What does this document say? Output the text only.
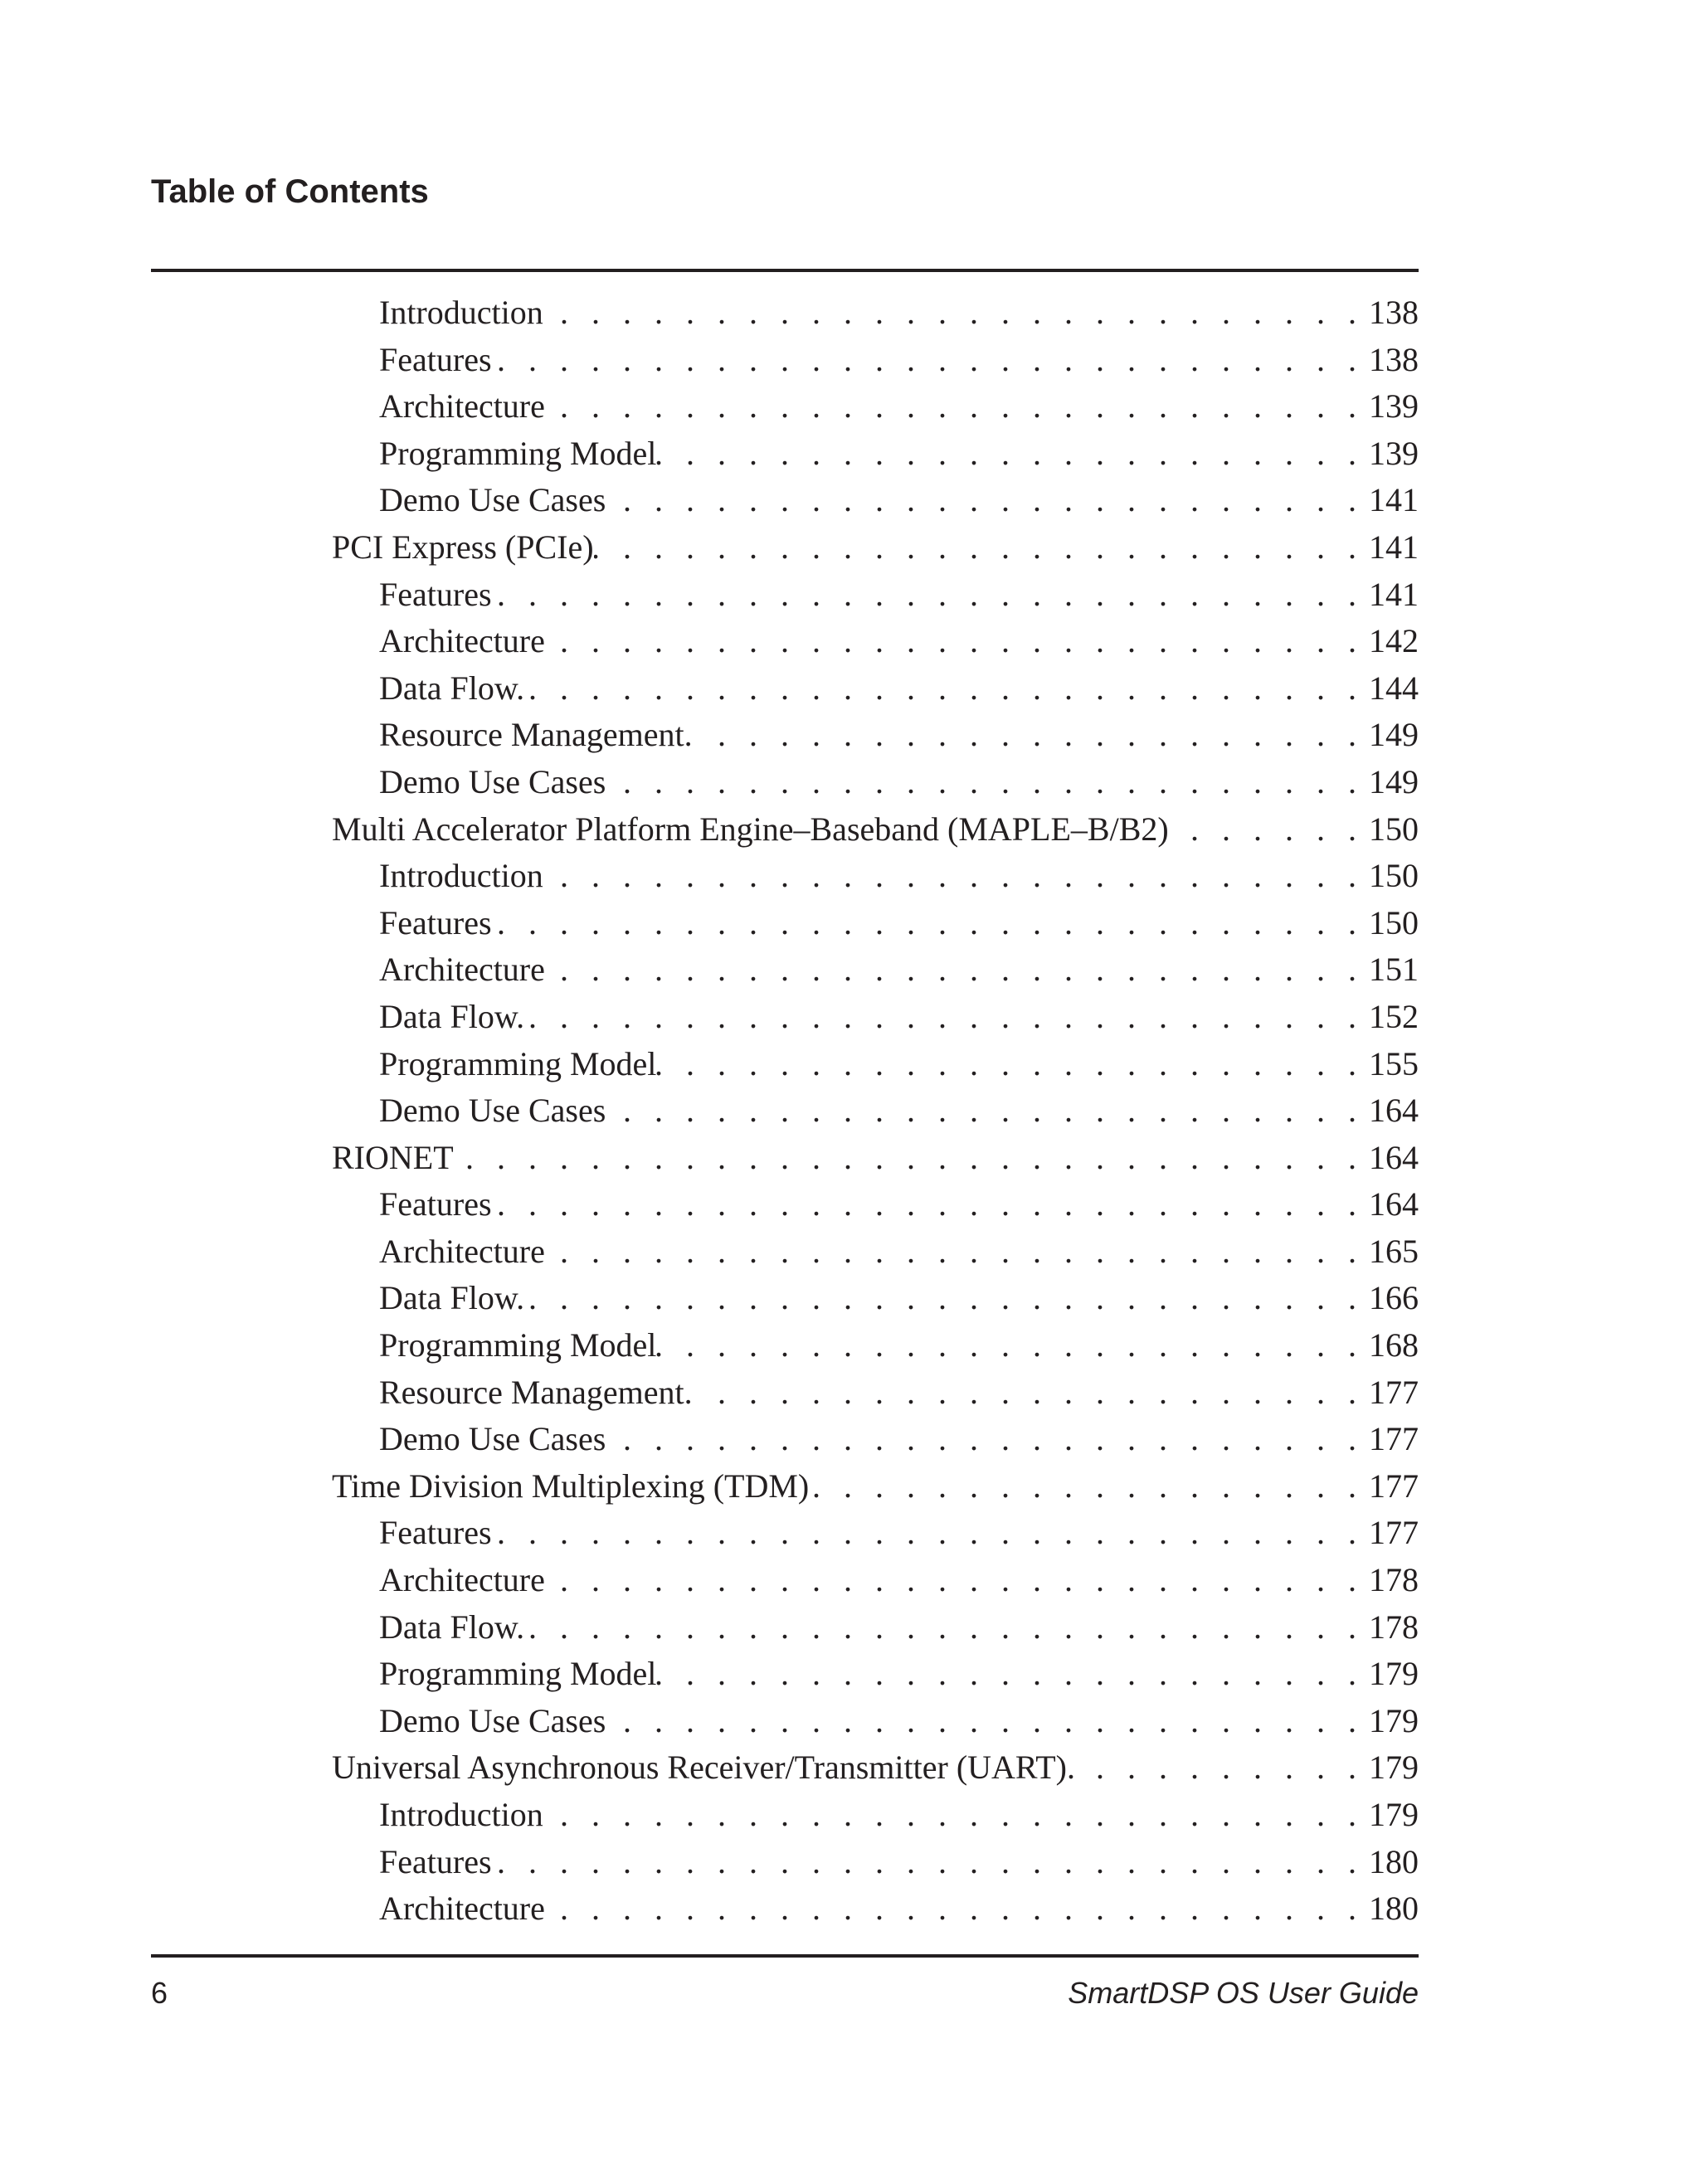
Table of Contents
Introduction . . .	138
Features . . .	138
Architecture . . .	139
Programming Model . . .	139
Demo Use Cases . . .	141
PCI Express (PCIe) . . .	141
Features . . .	141
Architecture . . .	142
Data Flow. . . .	144
Resource Management. . . .	149
Demo Use Cases . . .	149
Multi Accelerator Platform Engine–Baseband (MAPLE–B/B2) . . .	150
Introduction . . .	150
Features . . .	150
Architecture . . .	151
Data Flow. . . .	152
Programming Model . . .	155
Demo Use Cases . . .	164
RIONET . . .	164
Features . . .	164
Architecture . . .	165
Data Flow. . . .	166
Programming Model . . .	168
Resource Management. . . .	177
Demo Use Cases . . .	177
Time Division Multiplexing (TDM) . . .	177
Features . . .	177
Architecture . . .	178
Data Flow. . . .	178
Programming Model . . .	179
Demo Use Cases . . .	179
Universal Asynchronous Receiver/Transmitter (UART). . . .	179
Introduction . . .	179
Features . . .	180
Architecture . . .	180

6	SmartDSP OS User Guide
